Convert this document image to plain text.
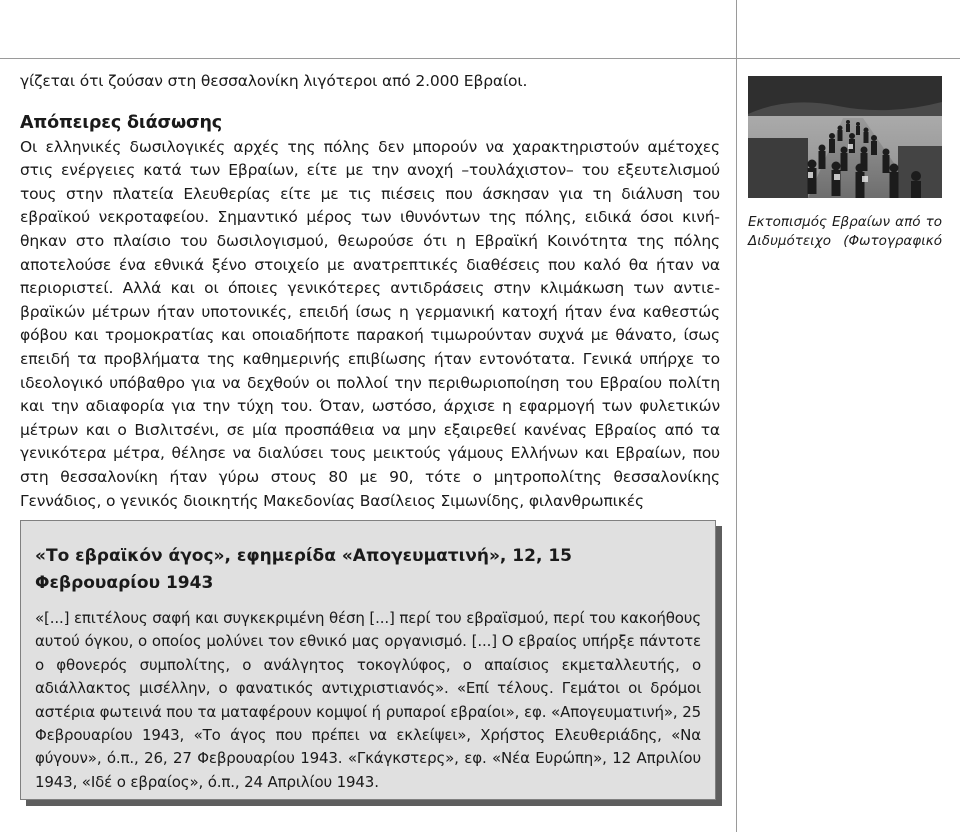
γίζεται ότι ζούσαν στη θεσσαλονίκη λιγότεροι από 2.000 Εβραίοι.

Απόπειρες διάσωσης

Οι ελληνικές δωσιλογικές αρχές της πόλης δεν μπορούν να χαρακτηριστούν αμέτοχες στις ενέργειες κατά των Εβραίων, είτε με την ανοχή –τουλάχιστον– του εξευτελισμού τους στην πλατεία Ελευθερίας είτε με τις πιέσεις που άσκησαν για τη διάλυση του εβραϊκού νεκροταφείου. Σημαντικό μέρος των ιθυνόντων της πόλης, ειδικά όσοι κινήθηκαν στο πλαίσιο του δωσιλογισμού, θεωρούσε ότι η Εβραϊκή Κοινότητα της πόλης αποτελούσε ένα εθνικά ξένο στοιχείο με ανατρεπτικές διαθέσεις που καλό θα ήταν να περιοριστεί. Αλλά και οι όποιες γενικότερες αντιδράσεις στην κλιμάκωση των αντιεβραϊκών μέτρων ήταν υποτονικές, επειδή ίσως η γερμανική κατοχή ήταν ένα καθεστώς φόβου και τρομοκρατίας και οποιαδήποτε παρακοή τιμωρούνταν συχνά με θάνατο, ίσως επειδή τα προβλήματα της καθημερινής επιβίωσης ήταν εντονότατα. Γενικά υπήρχε το ιδεολογικό υπόβαθρο για να δεχθούν οι πολλοί την περιθωριοποίηση του Εβραίου πολίτη και την αδιαφορία για την τύχη του. Όταν, ωστόσο, άρχισε η εφαρμογή των φυλετικών μέτρων και ο Βισλιτσένι, σε μία προσπάθεια να μην εξαιρεθεί κανένας Εβραίος από τα γενικότερα μέτρα, θέλησε να διαλύσει τους μεικτούς γάμους Ελλήνων και Εβραίων, που στη θεσσαλονίκη ήταν γύρω στους 80 με 90, τότε ο μητροπολίτης θεσσαλονίκης Γεννάδιος, ο γενικός διοικητής Μακεδονίας Βασίλειος Σιμωνίδης, φιλανθρωπικές

Εκτοπισμός Εβραίων από το Διδυμότειχο (Φωτογραφικό
«Το εβραϊκόν άγος», εφημερίδα «Απογευματινή», 12, 15 Φεβρουαρίου 1943

«[...] επιτέλους σαφή και συγκεκριμένη θέση [...] περί του εβραϊσμού, περί του κακοήθους αυτού όγκου, ο οποίος μολύνει τον εθνικό μας οργανισμό. [...] Ο εβραίος υπήρξε πάντοτε ο φθονερός συμπολίτης, ο ανάλγητος τοκογλύφος, ο απαίσιος εκμεταλλευτής, ο αδιάλλακτος μισέλλην, ο φανατικός αντιχριστιανός». «Επί τέλους. Γεμάτοι οι δρόμοι αστέρια φωτεινά που τα ματαφέρουν κομψοί ή ρυπαροί εβραίοι», εφ. «Απογευματινή», 25 Φεβρουαρίου 1943, «Το άγος που πρέπει να εκλείψει», Χρήστος Ελευθεριάδης, «Να φύγουν», ό.π., 26, 27 Φεβρουαρίου 1943. «Γκάγκστερς», εφ. «Νέα Ευρώπη», 12 Απριλίου 1943, «Ιδέ ο εβραίος», ό.π., 24 Απριλίου 1943.
